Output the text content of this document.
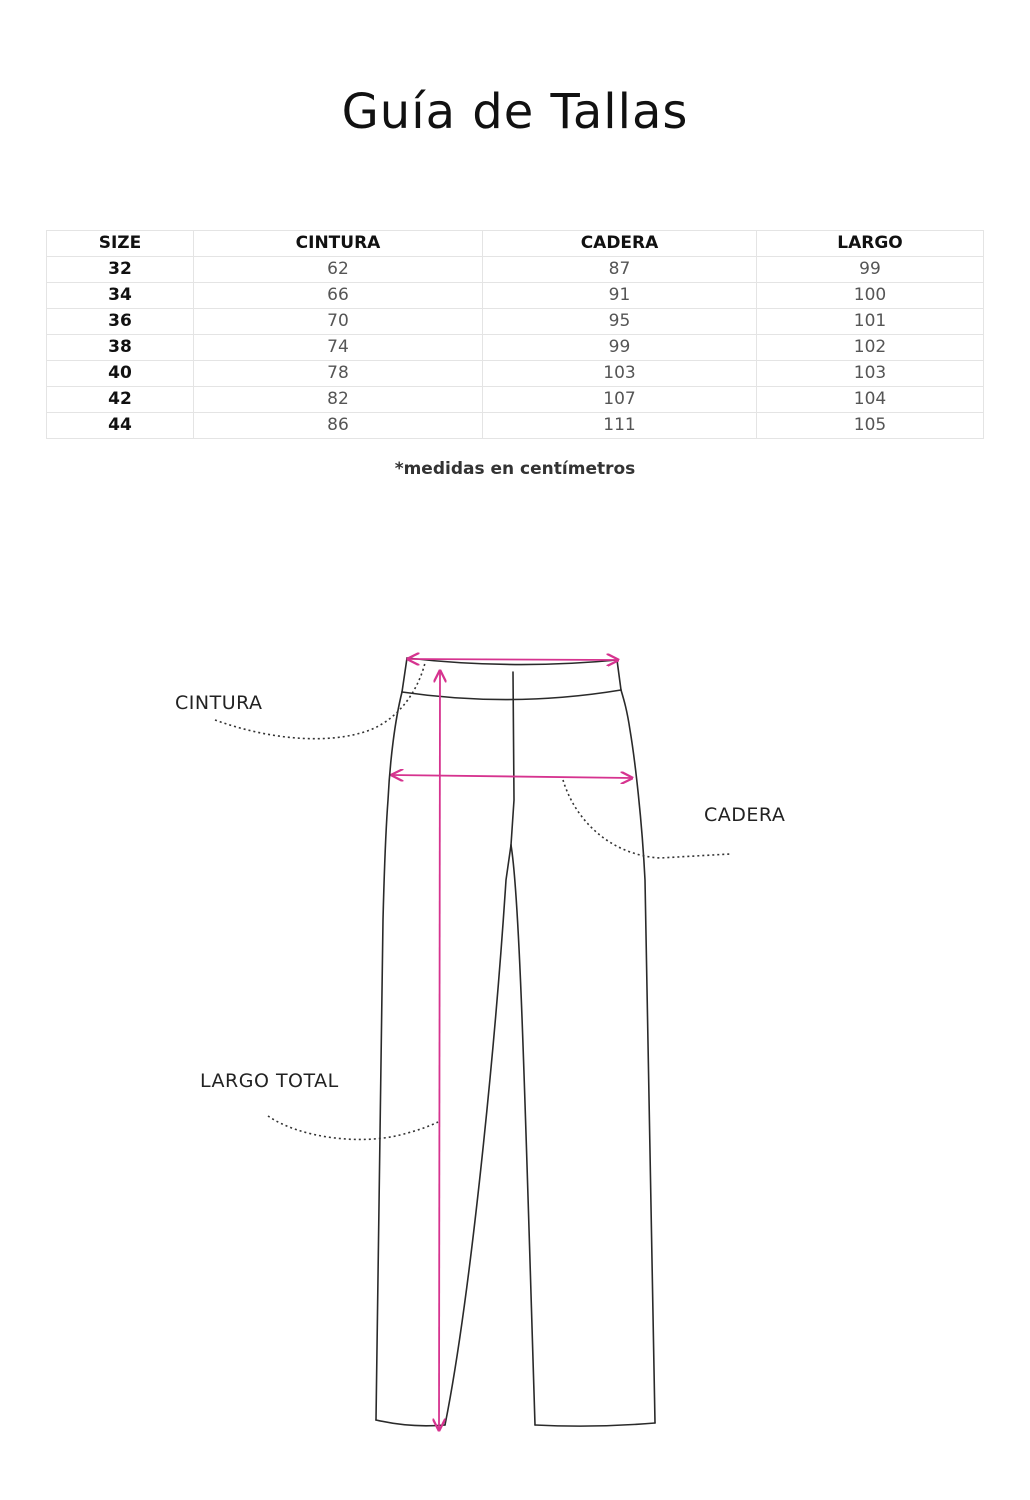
Guía de Tallas
SIZE	CINTURA	CADERA	LARGO
32	62	87	99
34	66	91	100
36	70	95	101
38	74	99	102
40	78	103	103
42	82	107	104
44	86	111	105
*medidas en centímetros
CINTURA
CADERA
LARGO TOTAL
